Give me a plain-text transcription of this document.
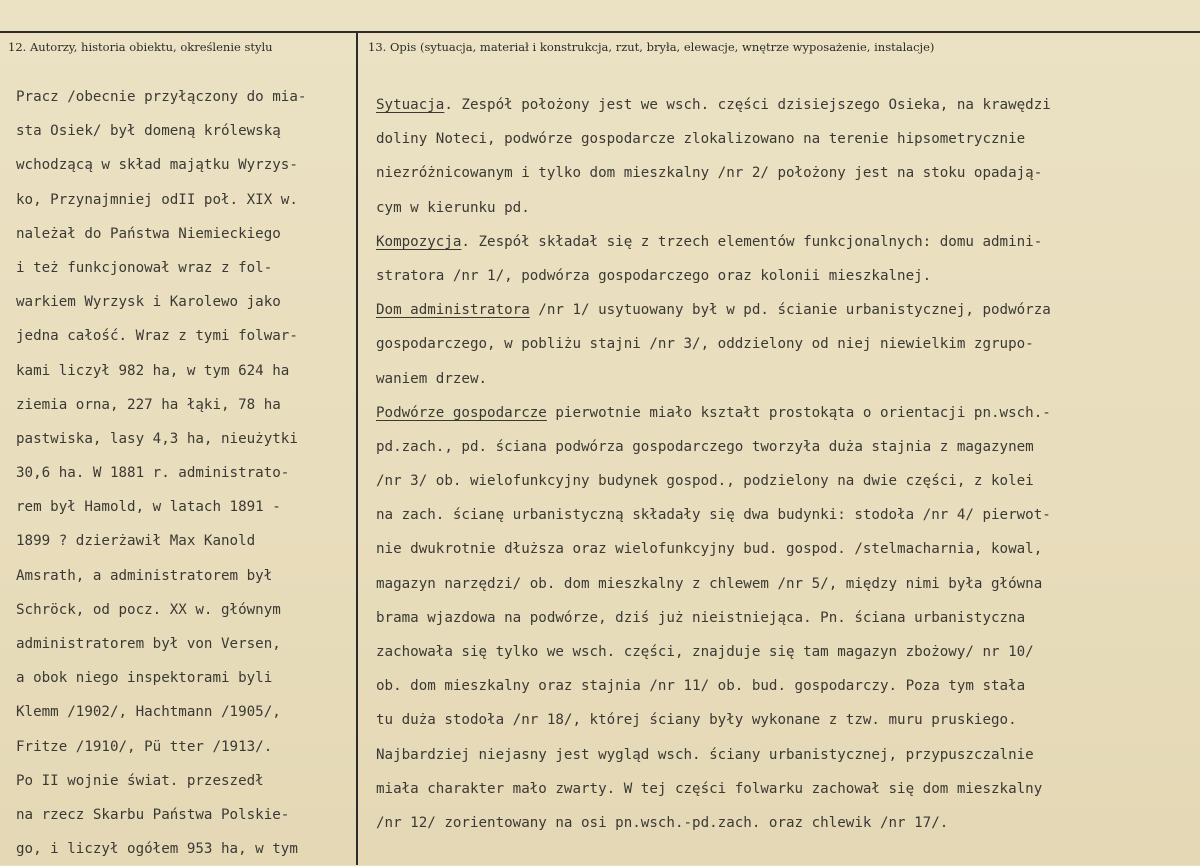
12. Autorzy, historia obiektu, określenie stylu	13. Opis (sytuacja, materiał i konstrukcja, rzut, bryła, elewacje, wnętrze wyposażenie, instalacje)
Pracz /obecnie przyłączony do mia-
sta Osiek/ był domeną królewską
wchodzącą w skład majątku Wyrzys-
ko, Przynajmniej odII poł. XIX w.
należał do Państwa Niemieckiego
i też funkcjonował wraz z fol-
warkiem Wyrzysk i Karolewo jako
jedna całość. Wraz z tymi folwar-
kami liczył 982 ha, w tym 624 ha
ziemia orna, 227 ha łąki, 78 ha
pastwiska, lasy 4,3 ha, nieużytki
30,6 ha. W 1881 r. administrato-
rem był Hamold, w latach 1891 -
1899 ? dzierżawił Max Kanold
Amsrath, a administratorem był
Schröck, od pocz. XX w. głównym
administratorem był von Versen,
a obok niego inspektorami byli
Klemm /1902/, Hachtmann /1905/,
Fritze /1910/, Pü tter /1913/.
Po II wojnie świat. przeszedł
na rzecz Skarbu Państwa Polskie-
go, i liczył ogółem 953 ha, w tym
Sytuacja. Zespół położony jest we wsch. części dzisiejszego Osieka, na krawędzi
doliny Noteci, podwórze gospodarcze zlokalizowano na terenie hipsometrycznie
niezróżnicowanym i tylko dom mieszkalny /nr 2/ położony jest na stoku opadają-
cym w kierunku pd.
Kompozycja. Zespół składał się z trzech elementów funkcjonalnych: domu admini-
stratora /nr 1/, podwórza gospodarczego oraz kolonii mieszkalnej.
Dom administratora /nr 1/ usytuowany był w pd. ścianie urbanistycznej, podwórza
gospodarczego, w pobliżu stajni /nr 3/, oddzielony od niej niewielkim zgrupo-
waniem drzew.
Podwórze gospodarcze pierwotnie miało kształt prostokąta o orientacji pn.wsch.-
pd.zach., pd. ściana podwórza gospodarczego tworzyła duża stajnia z magazynem
/nr 3/ ob. wielofunkcyjny budynek gospod., podzielony na dwie części, z kolei
na zach. ścianę urbanistyczną składały się dwa budynki: stodoła /nr 4/ pierwot-
nie dwukrotnie dłuższa oraz wielofunkcyjny bud. gospod. /stelmacharnia, kowal,
magazyn narzędzi/ ob. dom mieszkalny z chlewem /nr 5/, między nimi była główna
brama wjazdowa na podwórze, dziś już nieistniejąca. Pn. ściana urbanistyczna
zachowała się tylko we wsch. części, znajduje się tam magazyn zbożowy/ nr 10/
ob. dom mieszkalny oraz stajnia /nr 11/ ob. bud. gospodarczy. Poza tym stała
tu duża stodoła /nr 18/, której ściany były wykonane z tzw. muru pruskiego.
Najbardziej niejasny jest wygląd wsch. ściany urbanistycznej, przypuszczalnie
miała charakter mało zwarty. W tej części folwarku zachował się dom mieszkalny
/nr 12/ zorientowany na osi pn.wsch.-pd.zach. oraz chlewik /nr 17/.
